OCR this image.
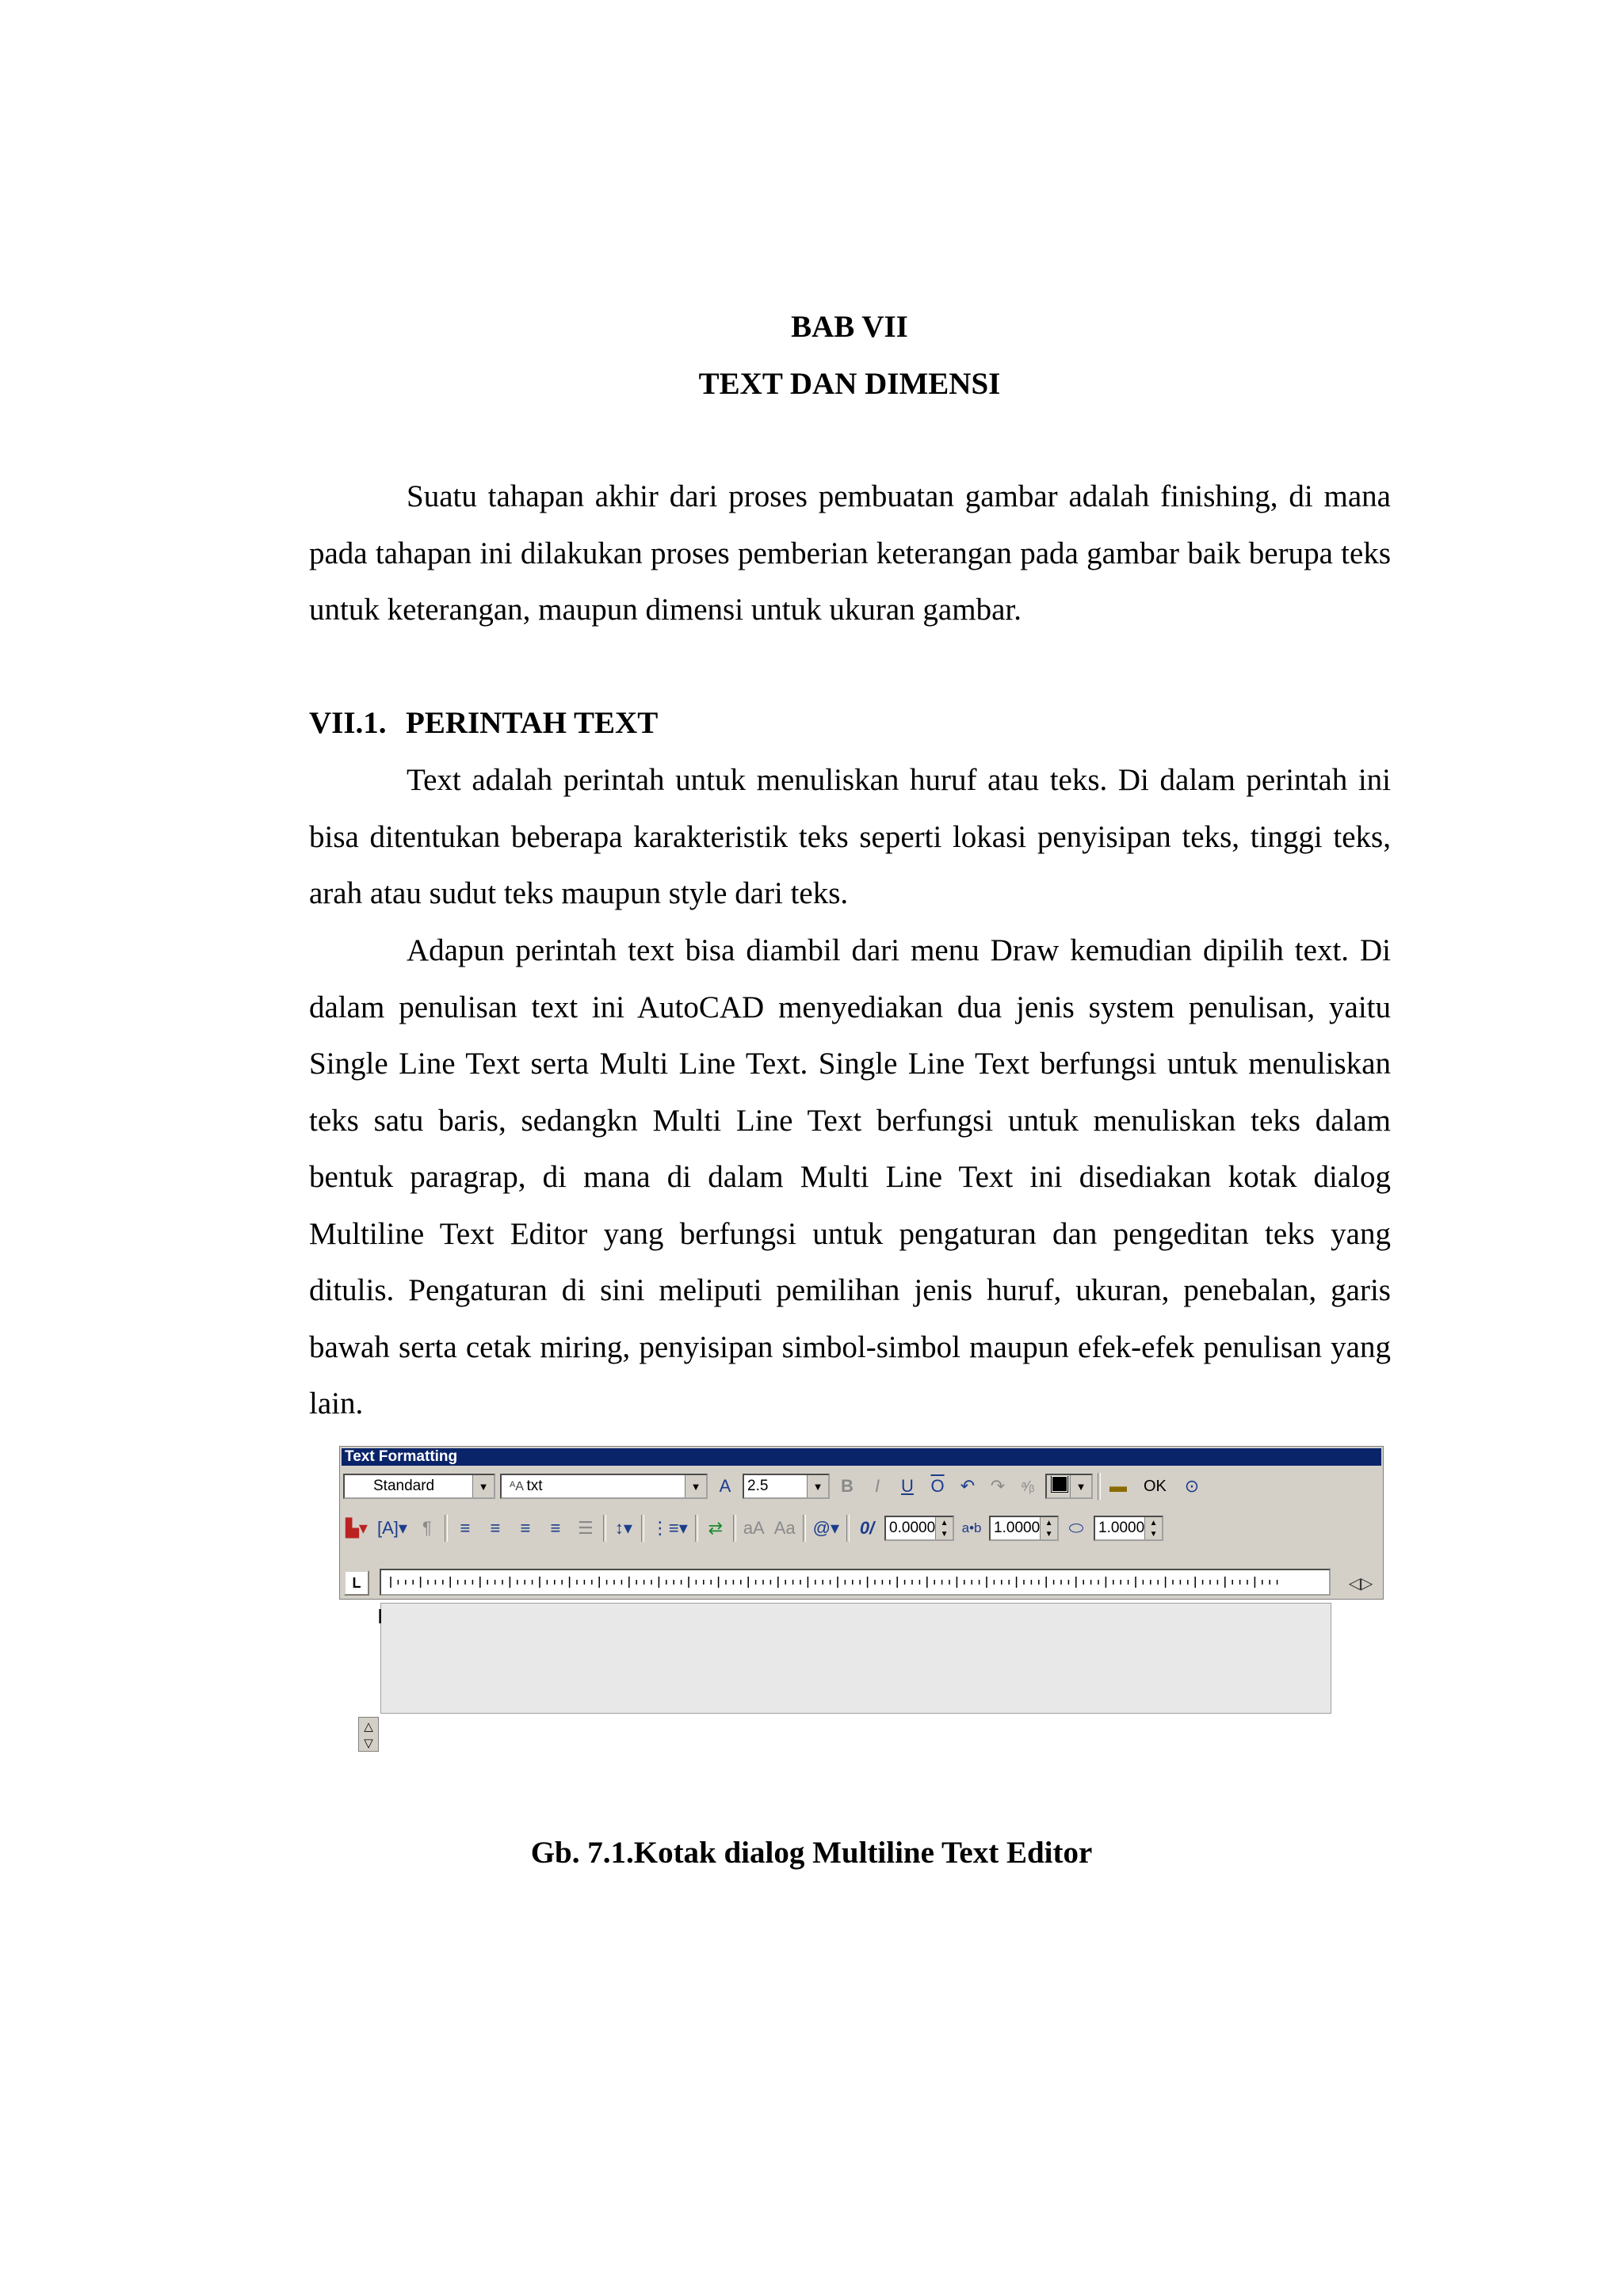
BAB VII
TEXT DAN DIMENSI

Suatu tahapan akhir dari proses pembuatan gambar adalah finishing, di mana pada tahapan ini dilakukan proses pemberian keterangan pada gambar baik berupa teks untuk keterangan, maupun dimensi untuk ukuran gambar.

VII.1. PERINTAH TEXT

Text adalah perintah untuk menuliskan huruf atau teks. Di dalam perintah ini bisa ditentukan beberapa karakteristik teks seperti lokasi penyisipan teks, tinggi teks, arah atau sudut teks maupun style dari teks.

Adapun perintah text bisa diambil dari menu Draw kemudian dipilih text. Di dalam penulisan text ini AutoCAD menyediakan dua jenis system penulisan, yaitu Single Line Text serta Multi Line Text. Single Line Text berfungsi untuk menuliskan teks satu baris, sedangkn Multi Line Text berfungsi untuk menuliskan teks dalam bentuk paragrap, di mana di dalam Multi Line Text ini disediakan kotak dialog Multiline Text Editor yang berfungsi untuk pengaturan dan pengeditan teks yang ditulis. Pengaturan di sini meliputi pemilihan jenis huruf, ukuran, penebalan, garis bawah serta cetak miring, penyisipan simbol-simbol maupun efek-efek penulisan yang lain.

Text Formatting
Standard	▼	ᴬA txt	▼	A	2.5	▼	B	I	U $\overline{O}$ ↶ ↷	ᵃ⁄ᵦ	▼ ▬	OK	⊙
▙▾ [A]▾ ¶	≡	≡	≡	≡ ☰ ↕▾ ⋮≡▾	⇄	aA Aa @▾	0/ 0.0000 ▲
▼ a•b 1.0000 ▲
▼ ⬭ 1.0000 ▲
▼
L	◁▷
I
△
▽
Gb. 7.1.Kotak dialog Multiline Text Editor
